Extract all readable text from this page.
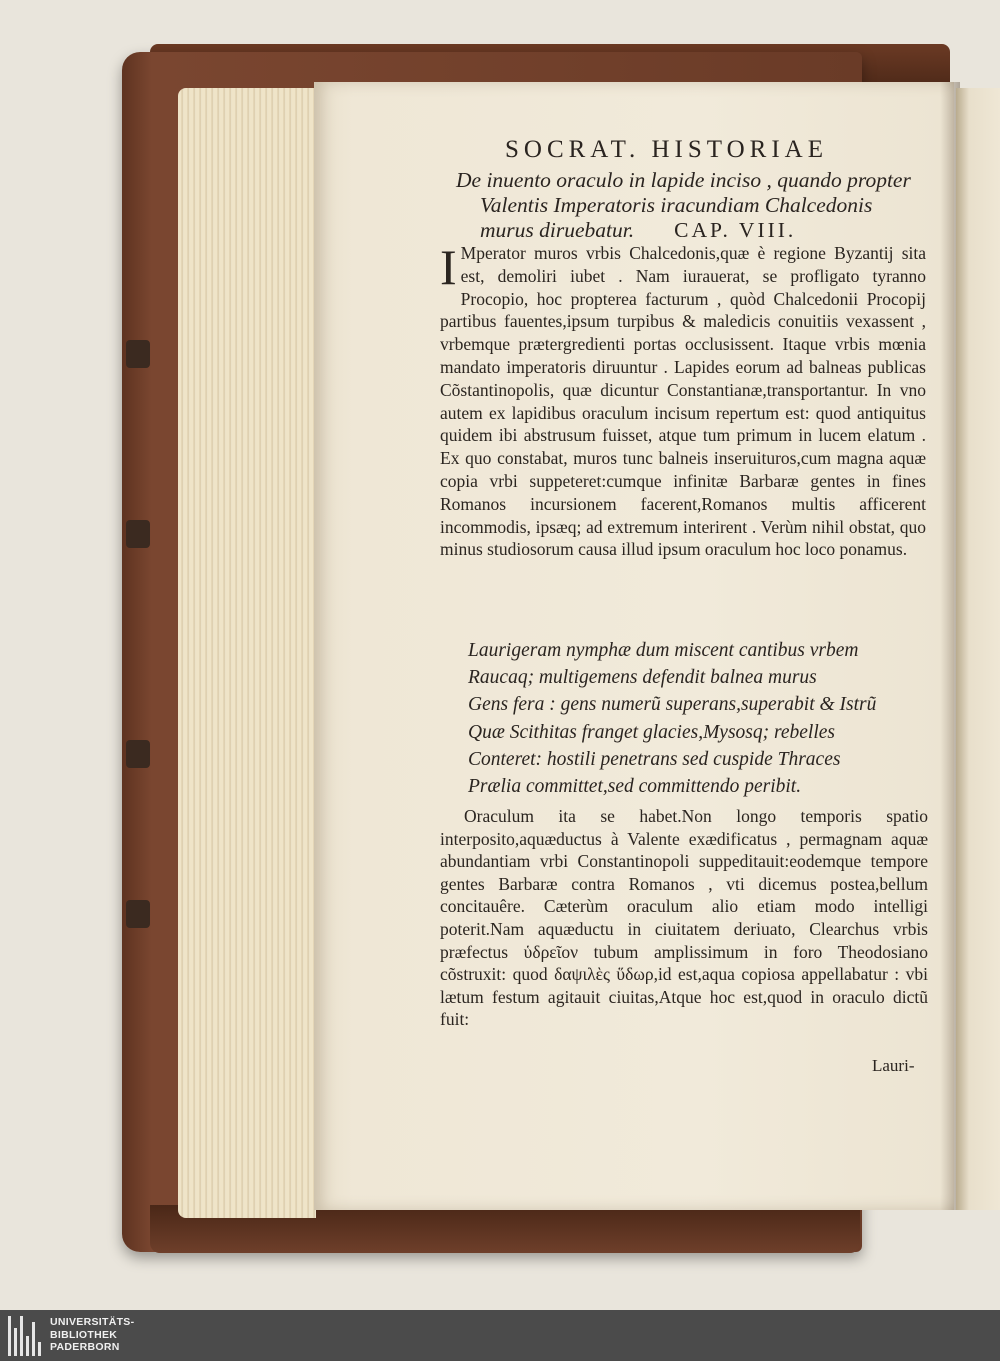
SOCRAT. HISTORIAE
De inuento oraculo in lapide inciso , quando propter
Valentis Imperatoris iracundiam Chalcedonis
murus diruebatur. CAP. VIII.

I Mperator muros vrbis Chalcedonis,quæ è regione Byzantij sita est, demoliri iubet . Nam iurauerat, se profligato tyranno Procopio, hoc propterea facturum , quòd Chalcedonii Procopij partibus fauentes,ipsum turpibus & maledicis conuitiis vexassent , vrbemque prætergredienti portas occlusissent. Itaque vrbis mœnia mandato imperatoris diruuntur . Lapides eorum ad balneas publicas Cõstantinopolis, quæ dicuntur Constantianæ,transportantur. In vno autem ex lapidibus oraculum incisum repertum est: quod antiquitus quidem ibi abstrusum fuisset, atque tum primum in lucem elatum . Ex quo constabat, muros tunc balneis inseruituros,cum magna aquæ copia vrbi suppeteret:cumque infinitæ Barbaræ gentes in fines Romanos incursionem facerent,Romanos multis afficerent incommodis, ipsæq; ad extremum interirent . Verùm nihil obstat, quo minus studiosorum causa illud ipsum oraculum hoc loco ponamus.

Laurigeram nymphæ dum miscent cantibus vrbem
Raucaq; multigemens defendit balnea murus
Gens fera : gens numerũ superans,superabit & Istrũ
Quæ Scithitas franget glacies,Mysosq; rebelles
Conteret: hostili penetrans sed cuspide Thraces
Prælia committet,sed committendo peribit.

Oraculum ita se habet.Non longo temporis spatio interposito,aquæductus à Valente exædificatus , permagnam aquæ abundantiam vrbi Constantinopoli suppeditauit:eodemque tempore gentes Barbaræ contra Romanos , vti dicemus postea,bellum concitauêre. Cæterùm oraculum alio etiam modo intelligi poterit.Nam aquæductu in ciuitatem deriuato, Clearchus vrbis præfectus ὑδρεῖον tubum amplissimum in foro Theodosiano cõstruxit: quod δαψιλὲς ὕδωρ,id est,aqua copiosa appellabatur : vbi lætum festum agitauit ciuitas,Atque hoc est,quod in oraculo dictũ fuit:

Lauri-
UNIVERSITÄTS-
BIBLIOTHEK
PADERBORN
